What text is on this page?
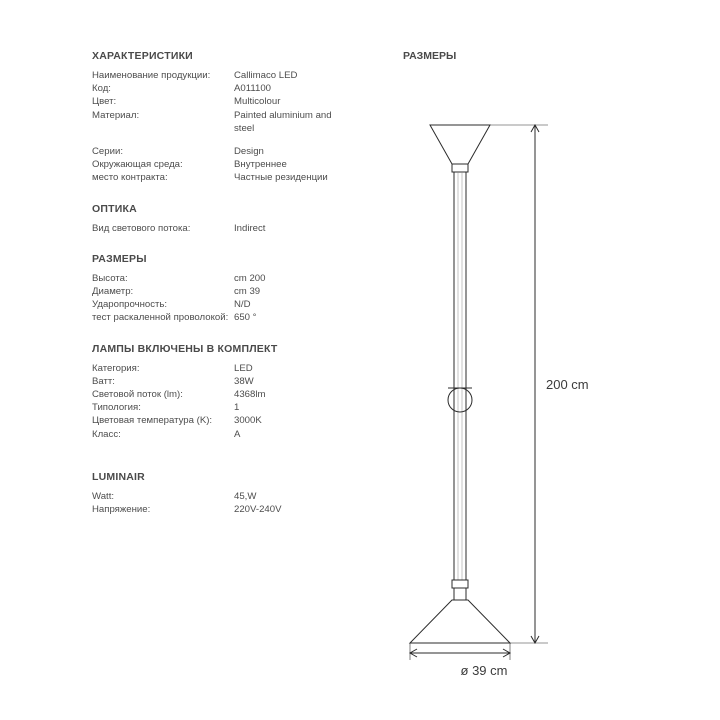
ХАРАКТЕРИСТИКИ
Наименование продукции:	Callimaco LED
Код:	A011100
Цвет:	Multicolour
Материал:	Painted aluminium and steel
Серии:	Design
Окружающая среда:	Внутреннее
место контракта:	Частные резиденции
ОПТИКА
Вид светового потока:	Indirect
РАЗМЕРЫ
Высота:	cm 200
Диаметр:	cm 39
Ударопрочность:	N/D
тест раскаленной проволокой: 650 °
ЛАМПЫ ВКЛЮЧЕНЫ В КОМПЛЕКТ
Категория:	LED
Ватт:	38W
Световой поток (lm):	4368lm
Типология:	1
Цветовая температура (K):	3000K
Класс:	A
LUMINAIR
Watt:	45,W
Напряжение:	220V-240V
РАЗМЕРЫ
200 cm
ø 39 cm
